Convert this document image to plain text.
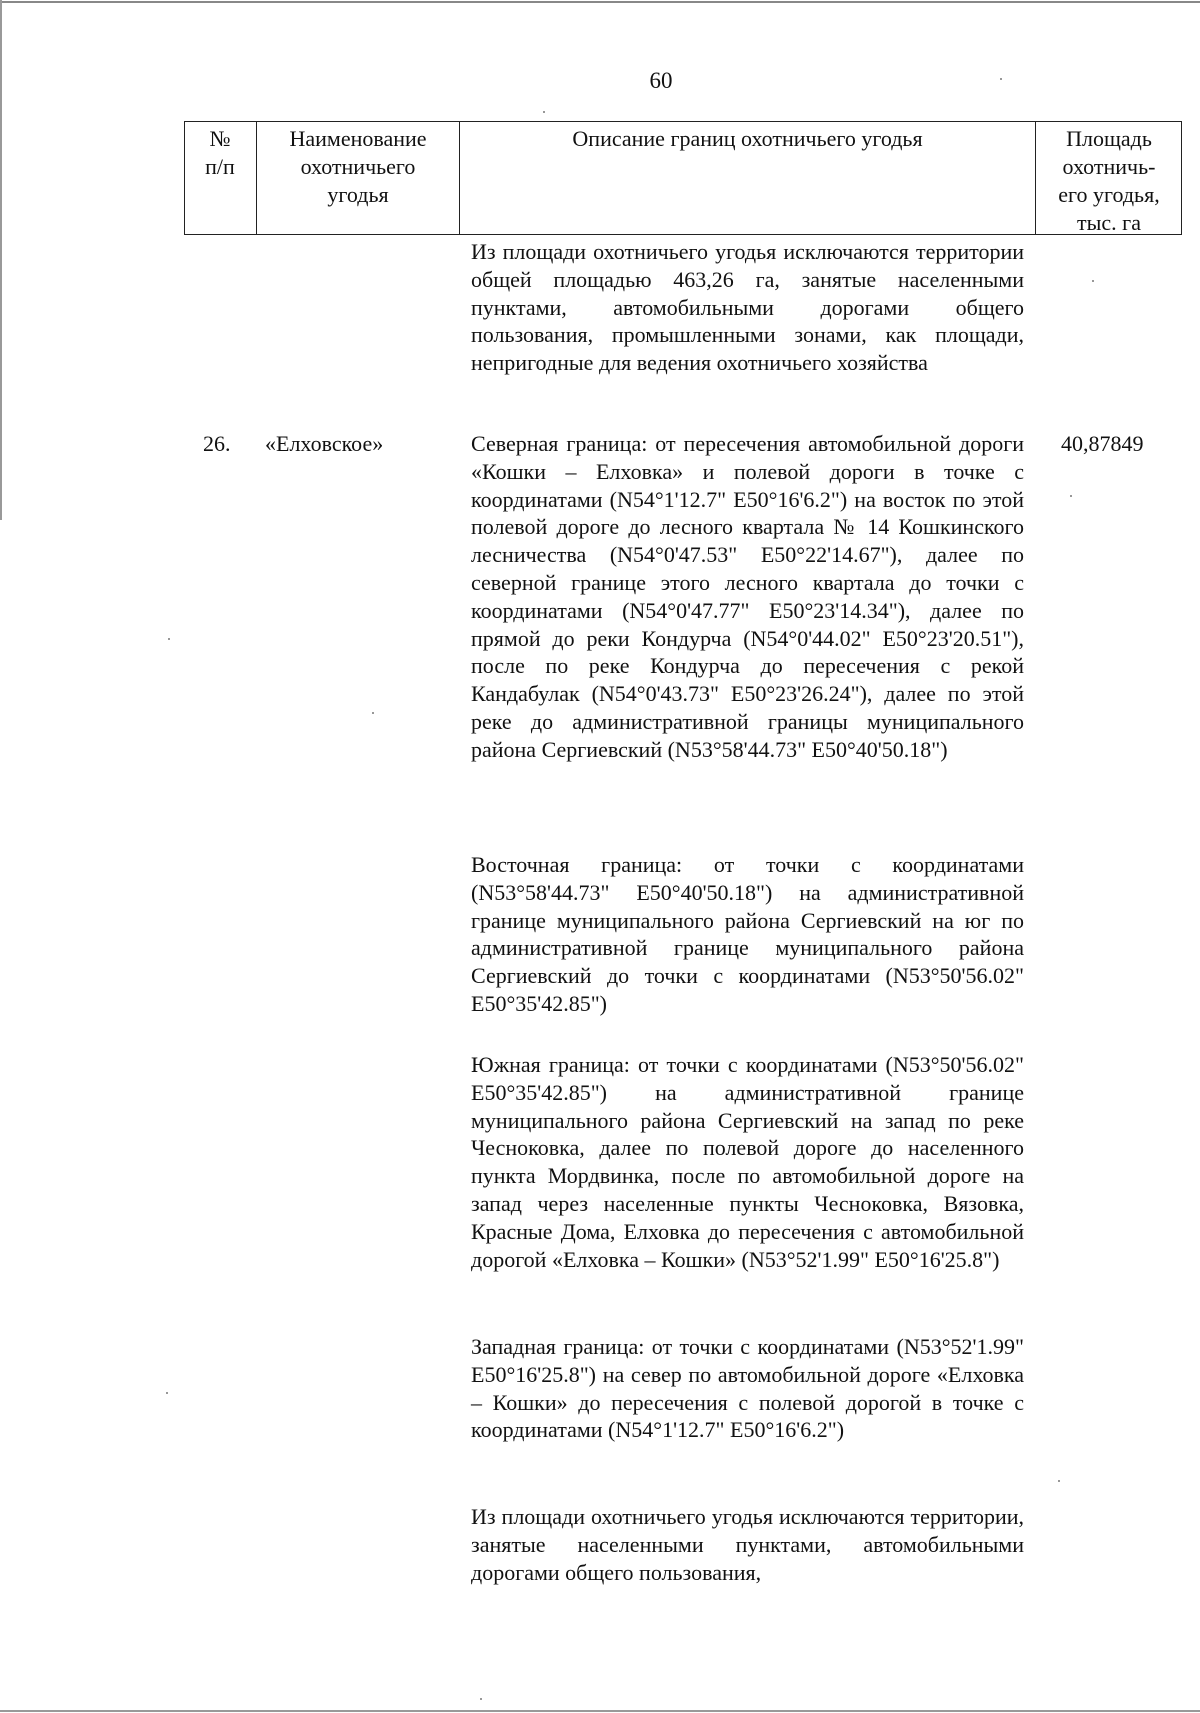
60
№
п/п
Наименование
охотничьего
угодья
Описание границ охотничьего угодья	Площадь
охотничь-
его угодья,
тыс. га
Из площади охотничьего угодья исключаются территории общей площадью 463,26 га, занятые населенными пунктами, автомобильными дорогами общего пользования, промышленными зонами, как площади, непригодные для ведения охотничьего хозяйства
26. «Елховское»	40,87849
Северная граница: от пересечения автомобильной дороги «Кошки – Елховка» и полевой дороги в точке с координатами (N54°1'12.7" E50°16'6.2") на восток по этой полевой дороге до лесного квартала № 14 Кошкинского лесничества (N54°0'47.53" E50°22'14.67"), далее по северной границе этого лесного квартала до точки с координатами (N54°0'47.77" E50°23'14.34"), далее по прямой до реки Кондурча (N54°0'44.02" E50°23'20.51"), после по реке Кондурча до пересечения с рекой Кандабулак (N54°0'43.73" E50°23'26.24"), далее по этой реке до административной границы муниципального района Сергиевский (N53°58'44.73" E50°40'50.18")
Восточная граница: от точки с координатами (N53°58'44.73" E50°40'50.18") на административной границе муниципального района Сергиевский на юг по административной границе муниципального района Сергиевский до точки с координатами (N53°50'56.02" E50°35'42.85")
Южная граница: от точки с координатами (N53°50'56.02" E50°35'42.85") на административной границе муниципального района Сергиевский на запад по реке Чесноковка, далее по полевой дороге до населенного пункта Мордвинка, после по автомобильной дороге на запад через населенные пункты Чесноковка, Вязовка, Красные Дома, Елховка до пересечения с автомобильной дорогой «Елховка – Кошки» (N53°52'1.99" E50°16'25.8")
Западная граница: от точки с координатами (N53°52'1.99" E50°16'25.8") на север по автомобильной дороге «Елховка – Кошки» до пересечения с полевой дорогой в точке с координатами (N54°1'12.7" E50°16'6.2")
Из площади охотничьего угодья исключаются территории, занятые населенными пунктами, автомобильными дорогами общего пользования,
